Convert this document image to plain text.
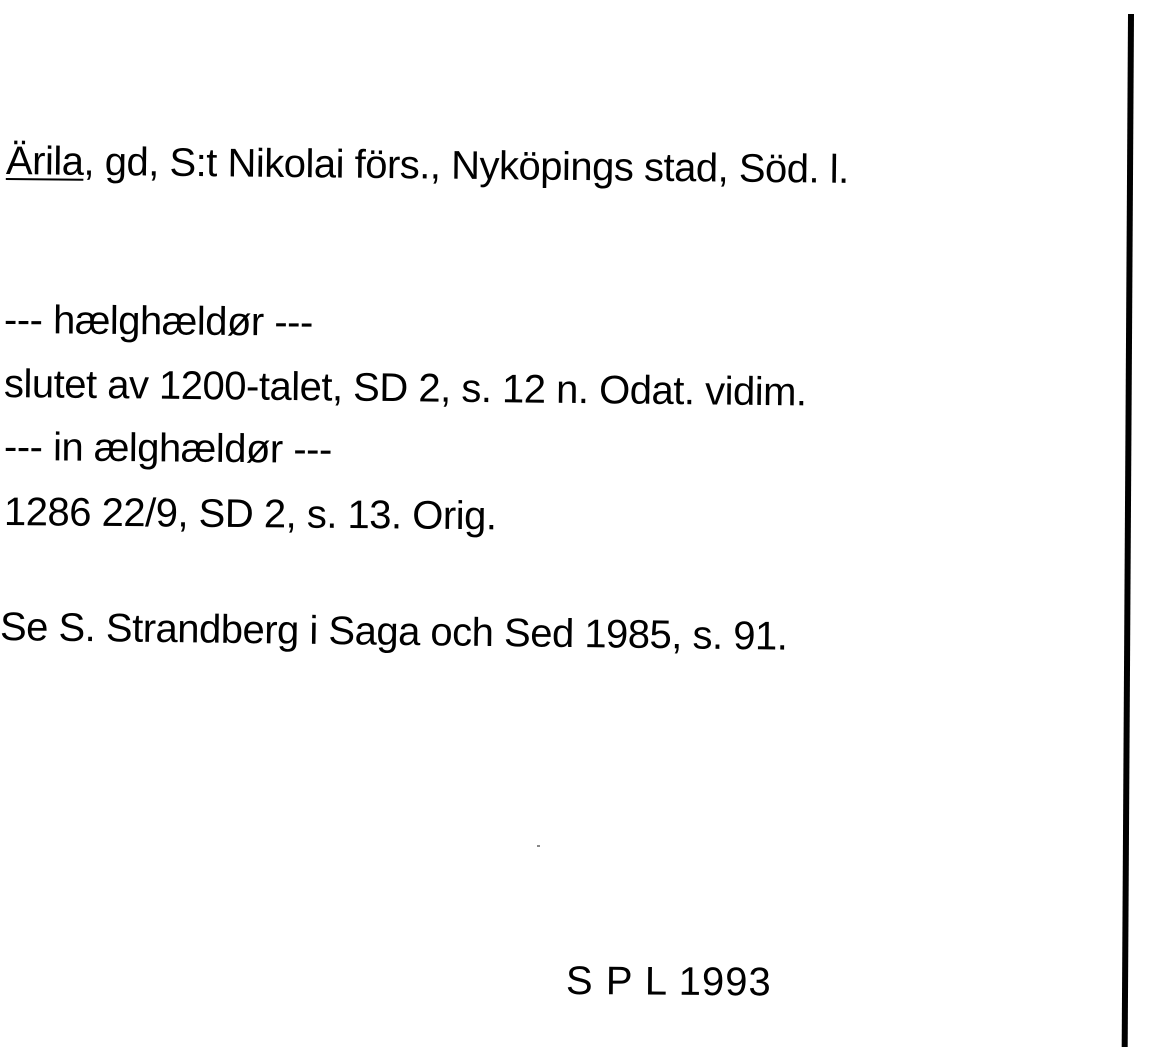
Ärila, gd, S:t Nikolai förs., Nyköpings stad, Söd. l.
--- hælghældør ---
slutet av 1200-talet, SD 2, s. 12 n. Odat. vidim.
--- in ælghældør ---
1286 22/9, SD 2, s. 13. Orig.
Se S. Strandberg i Saga och Sed 1985, s. 91.
S P L 1993
